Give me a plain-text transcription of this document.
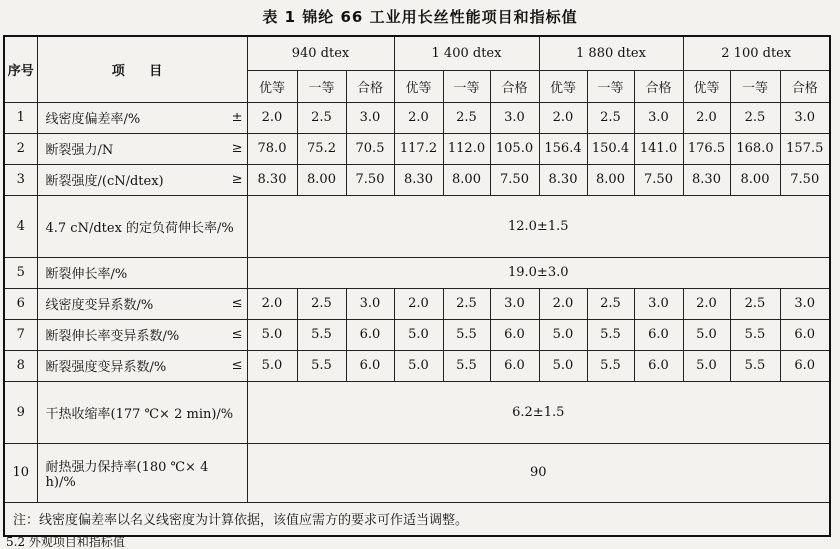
表 1 锦纶 66 工业用长丝性能项目和指标值
序号	项 目	940 dtex			1 400 dtex			1 880 dtex			2 100 dtex		
		优等	一等	合格	优等	一等	合格	优等	一等	合格	优等	一等	合格
1	线密度偏差率/% ±	2.0	2.5	3.0	2.0	2.5	3.0	2.0	2.5	3.0	2.0	2.5	3.0
2	断裂强力/N ≥	78.0	75.2	70.5	117.2	112.0	105.0	156.4	150.4	141.0	176.5	168.0	157.5
3	断裂强度/(cN/dtex) ≥	8.30	8.00	7.50	8.30	8.00	7.50	8.30	8.00	7.50	8.30	8.00	7.50
4	4.7 cN/dtex 的定负荷伸长率/%	12.0±1.5											
5	断裂伸长率/%	19.0±3.0											
6	线密度变异系数/% ≤	2.0	2.5	3.0	2.0	2.5	3.0	2.0	2.5	3.0	2.0	2.5	3.0
7	断裂伸长率变异系数/% ≤	5.0	5.5	6.0	5.0	5.5	6.0	5.0	5.5	6.0	5.0	5.5	6.0
8	断裂强度变异系数/% ≤	5.0	5.5	6.0	5.0	5.5	6.0	5.0	5.5	6.0	5.0	5.5	6.0
9	干热收缩率(177 ℃× 2 min)/%	6.2±1.5											
10	耐热强力保持率(180 ℃× 4 h)/%	90											
注：线密度偏差率以名义线密度为计算依据，该值应需方的要求可作适当调整。													
5.2 外观项目和指标值
